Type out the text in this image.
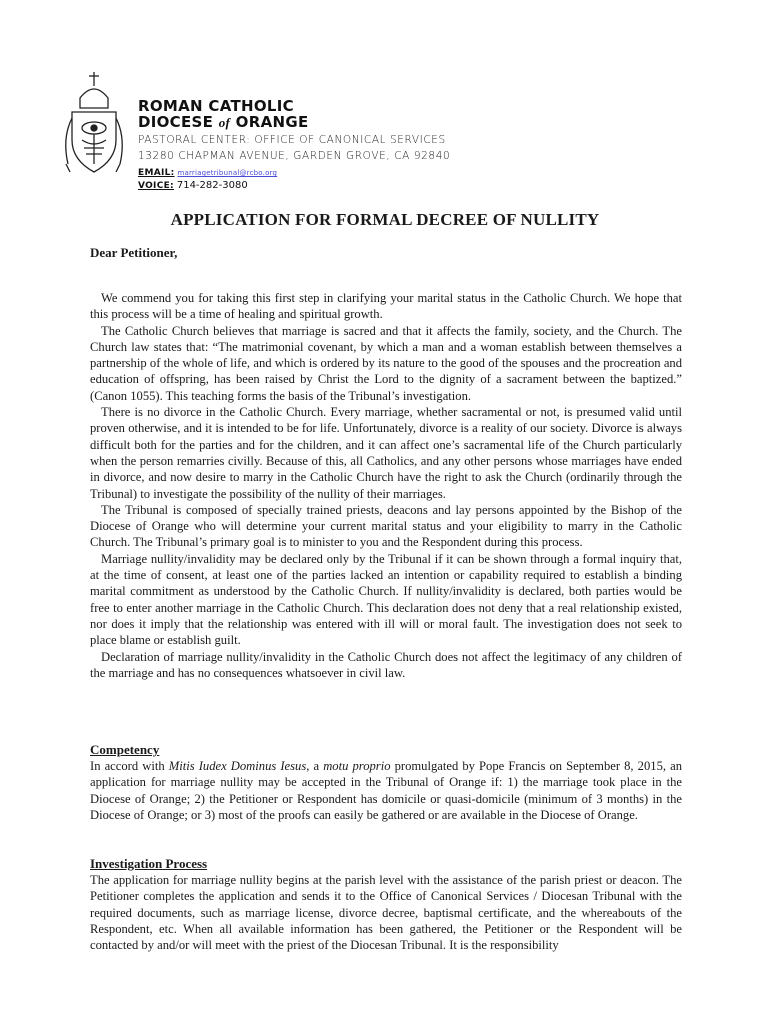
ROMAN CATHOLIC
DIOCESE of ORANGE
PASTORAL CENTER: OFFICE OF CANONICAL SERVICES
13280 CHAPMAN AVENUE, GARDEN GROVE, CA 92840
EMAIL: marriagetribunal@rcbo.org
VOICE: 714-282-3080
APPLICATION FOR FORMAL DECREE OF NULLITY
Dear Petitioner,

We commend you for taking this first step in clarifying your marital status in the Catholic Church. We hope that this process will be a time of healing and spiritual growth.

The Catholic Church believes that marriage is sacred and that it affects the family, society, and the Church. The Church law states that: “The matrimonial covenant, by which a man and a woman establish between themselves a partnership of the whole of life, and which is ordered by its nature to the good of the spouses and the procreation and education of offspring, has been raised by Christ the Lord to the dignity of a sacrament between the baptized.” (Canon 1055). This teaching forms the basis of the Tribunal’s investigation.

There is no divorce in the Catholic Church. Every marriage, whether sacramental or not, is presumed valid until proven otherwise, and it is intended to be for life. Unfortunately, divorce is a reality of our society. Divorce is always difficult both for the parties and for the children, and it can affect one’s sacramental life of the Church particularly when the person remarries civilly. Because of this, all Catholics, and any other persons whose marriages have ended in divorce, and now desire to marry in the Catholic Church have the right to ask the Church (ordinarily through the Tribunal) to investigate the possibility of the nullity of their marriages.

The Tribunal is composed of specially trained priests, deacons and lay persons appointed by the Bishop of the Diocese of Orange who will determine your current marital status and your eligibility to marry in the Catholic Church. The Tribunal’s primary goal is to minister to you and the Respondent during this process.

Marriage nullity/invalidity may be declared only by the Tribunal if it can be shown through a formal inquiry that, at the time of consent, at least one of the parties lacked an intention or capability required to establish a binding marital commitment as understood by the Catholic Church. If nullity/invalidity is declared, both parties would be free to enter another marriage in the Catholic Church. This declaration does not deny that a real relationship existed, nor does it imply that the relationship was entered with ill will or moral fault. The investigation does not seek to place blame or establish guilt.

Declaration of marriage nullity/invalidity in the Catholic Church does not affect the legitimacy of any children of the marriage and has no consequences whatsoever in civil law.

Competency

In accord with Mitis Iudex Dominus Iesus, a motu proprio promulgated by Pope Francis on September 8, 2015, an application for marriage nullity may be accepted in the Tribunal of Orange if: 1) the marriage took place in the Diocese of Orange; 2) the Petitioner or Respondent has domicile or quasi-domicile (minimum of 3 months) in the Diocese of Orange; or 3) most of the proofs can easily be gathered or are available in the Diocese of Orange.

Investigation Process

The application for marriage nullity begins at the parish level with the assistance of the parish priest or deacon. The Petitioner completes the application and sends it to the Office of Canonical Services / Diocesan Tribunal with the required documents, such as marriage license, divorce decree, baptismal certificate, and the whereabouts of the Respondent, etc. When all available information has been gathered, the Petitioner or the Respondent will be contacted by and/or will meet with the priest of the Diocesan Tribunal. It is the responsibility
